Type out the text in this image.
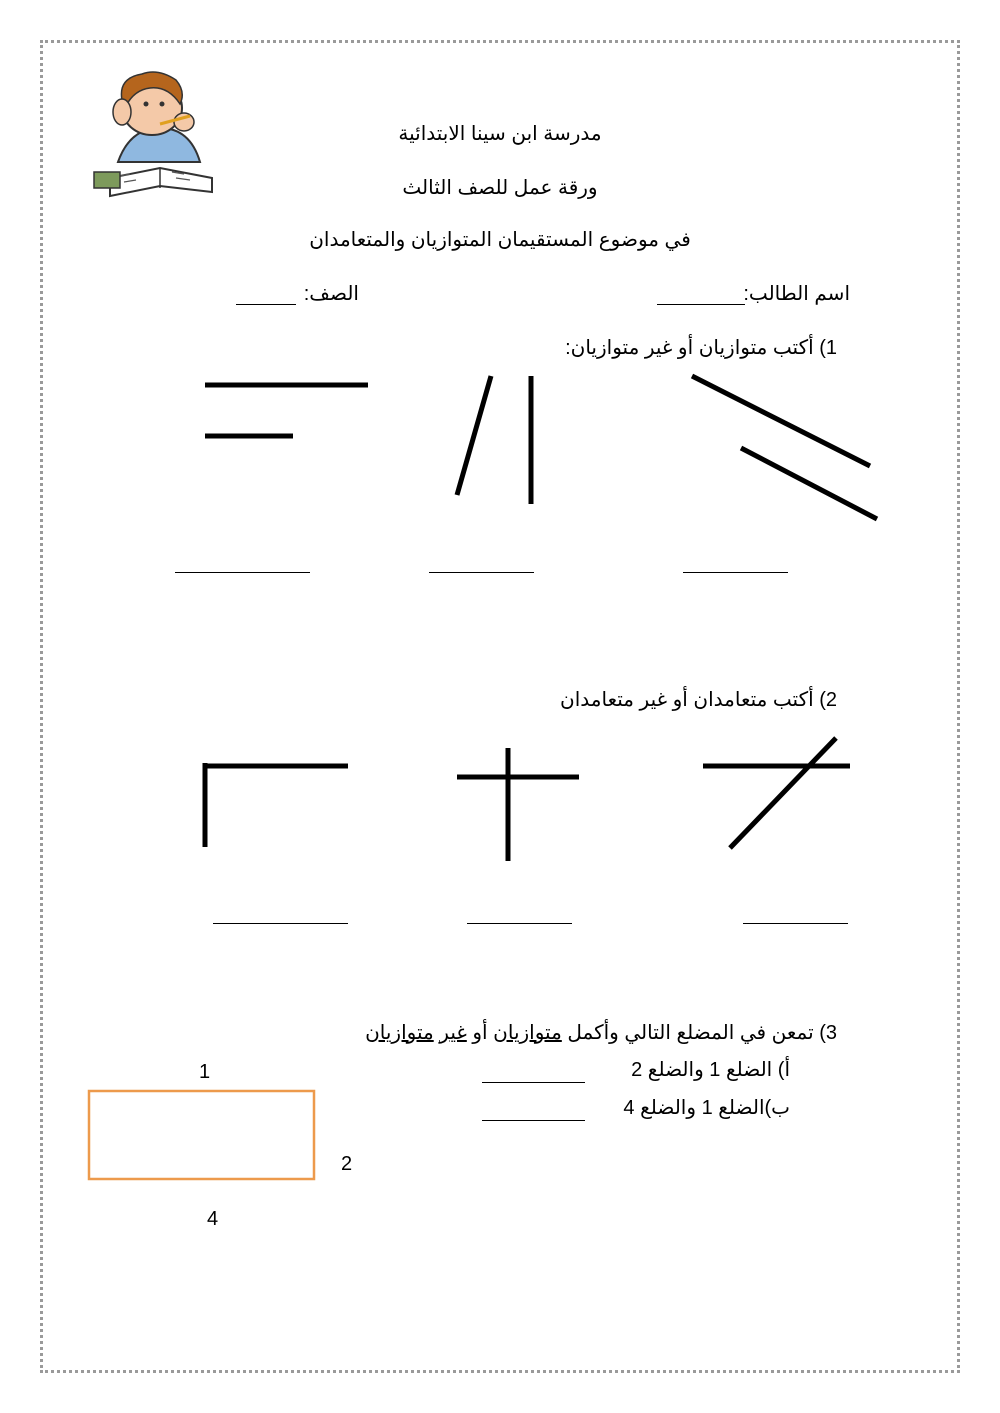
مدرسة ابن سينا الابتدائية
ورقة عمل للصف الثالث
في موضوع المستقيمان المتوازيان والمتعامدان
اسم الطالب:
الصف:
1) أكتب متوازيان أو غير متوازيان:
2) أكتب متعامدان أو غير متعامدان
3) تمعن في المضلع التالي وأكمل متوازيان أو غير متوازيان
أ) الضلع 1 والضلع 2
ب)الضلع 1 والضلع 4
1
2
4
